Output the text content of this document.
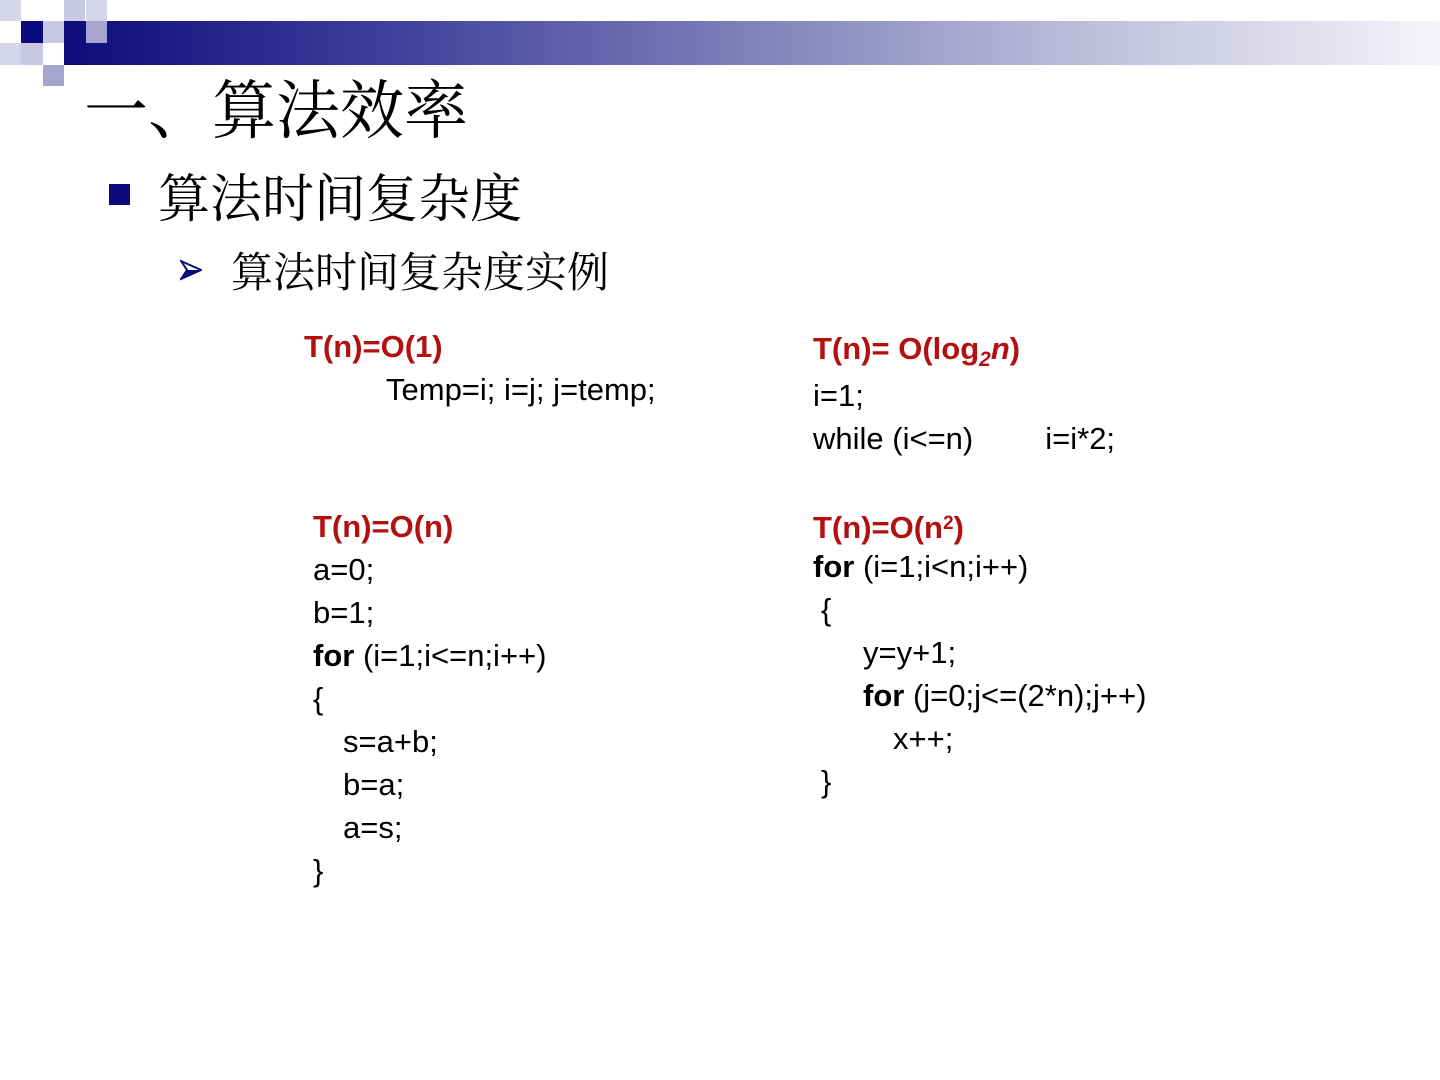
一、算法效率
算法时间复杂度
算法时间复杂度实例
T(n)=O(1)
Temp=i; i=j; j=temp;
$T(n)= O(\log_2n)$
i=1;
while (i<=n) i=i*2;
T(n)=O(n)
a=0;
b=1;
for (i=1;i<=n;i++)
{
s=a+b;
b=a;
a=s;
}
$T(n)=O(n^2)$
for (i=1;i<n;i++)
{
y=y+1;
for (j=0;j<=(2*n);j++)
x++;
}
